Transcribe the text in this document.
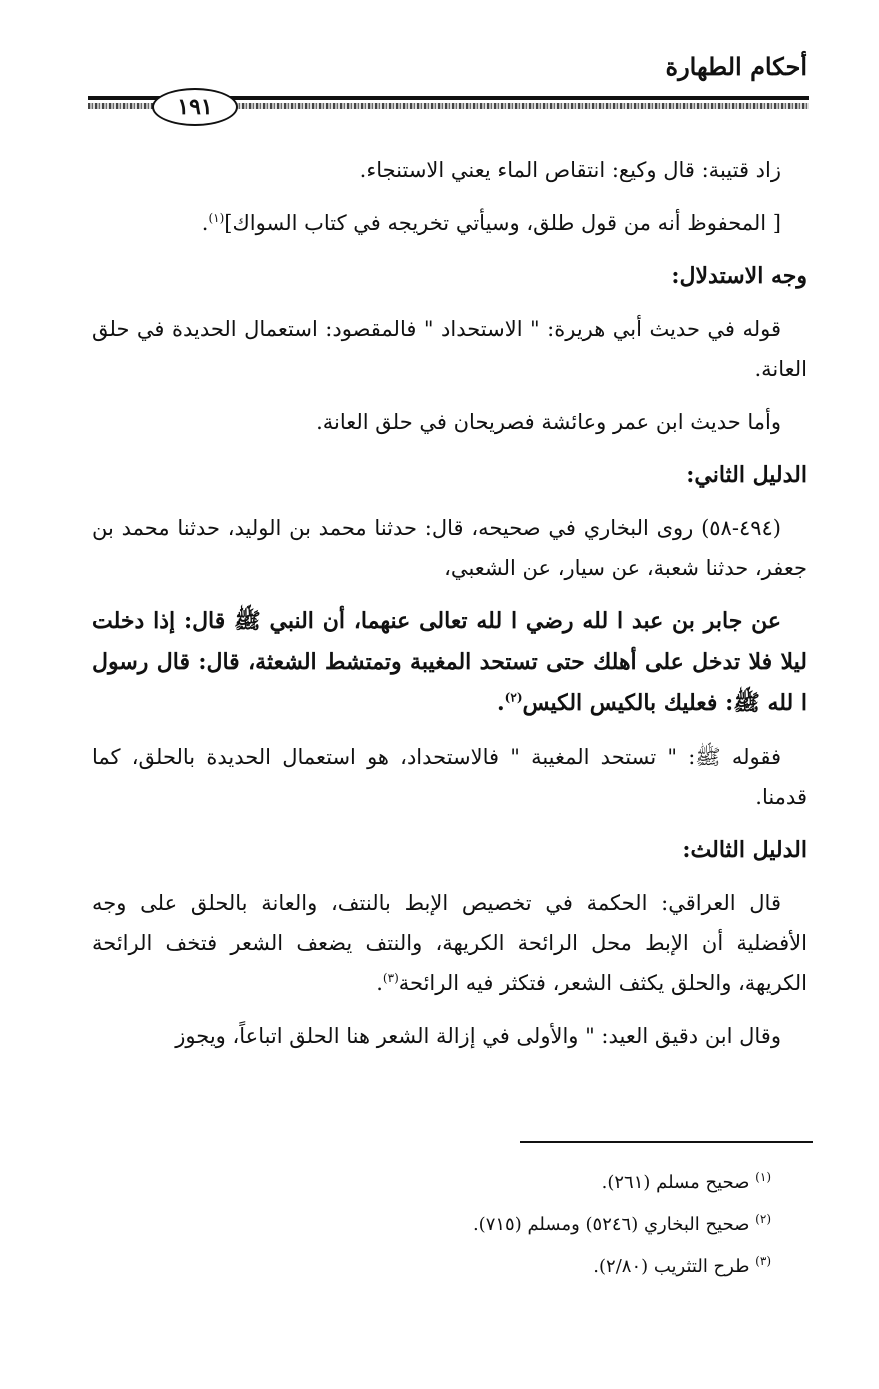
أحكام الطهارة
١٩١

زاد قتيبة: قال وكيع: انتقاص الماء يعني الاستنجاء.

[ المحفوظ أنه من قول طلق، وسيأتي تخريجه في كتاب السواك]$^{(١)}$.

وجه الاستدلال:

قوله في حديث أبي هريرة: " الاستحداد " فالمقصود: استعمال الحديدة في حلق العانة.

وأما حديث ابن عمر وعائشة فصريحان في حلق العانة.

الدليل الثاني:

(٤٩٤-٥٨) روى البخاري في صحيحه، قال: حدثنا محمد بن الوليد، حدثنا محمد بن جعفر، حدثنا شعبة، عن سيار، عن الشعبي،

عن جابر بن عبد ا لله رضي ا لله تعالى عنهما، أن النبي ﷺ قال: إذا دخلت ليلا فلا تدخل على أهلك حتى تستحد المغيبة وتمتشط الشعثة، قال: قال رسول ا لله ﷺ: فعليك بالكيس الكيس$^{(٢)}$.

فقوله ﷺ: " تستحد المغيبة " فالاستحداد، هو استعمال الحديدة بالحلق، كما قدمنا.

الدليل الثالث:

قال العراقي: الحكمة في تخصيص الإبط بالنتف، والعانة بالحلق على وجه الأفضلية أن الإبط محل الرائحة الكريهة، والنتف يضعف الشعر فتخف الرائحة الكريهة، والحلق يكثف الشعر، فتكثر فيه الرائحة$^{(٣)}$.

وقال ابن دقيق العيد: " والأولى في إزالة الشعر هنا الحلق اتباعاً، ويجوز

$^{(١)}$ صحيح مسلم (٢٦١).

$^{(٢)}$ صحيح البخاري (٥٢٤٦) ومسلم (٧١٥).

$^{(٣)}$ طرح التثريب (٢/٨٠).
